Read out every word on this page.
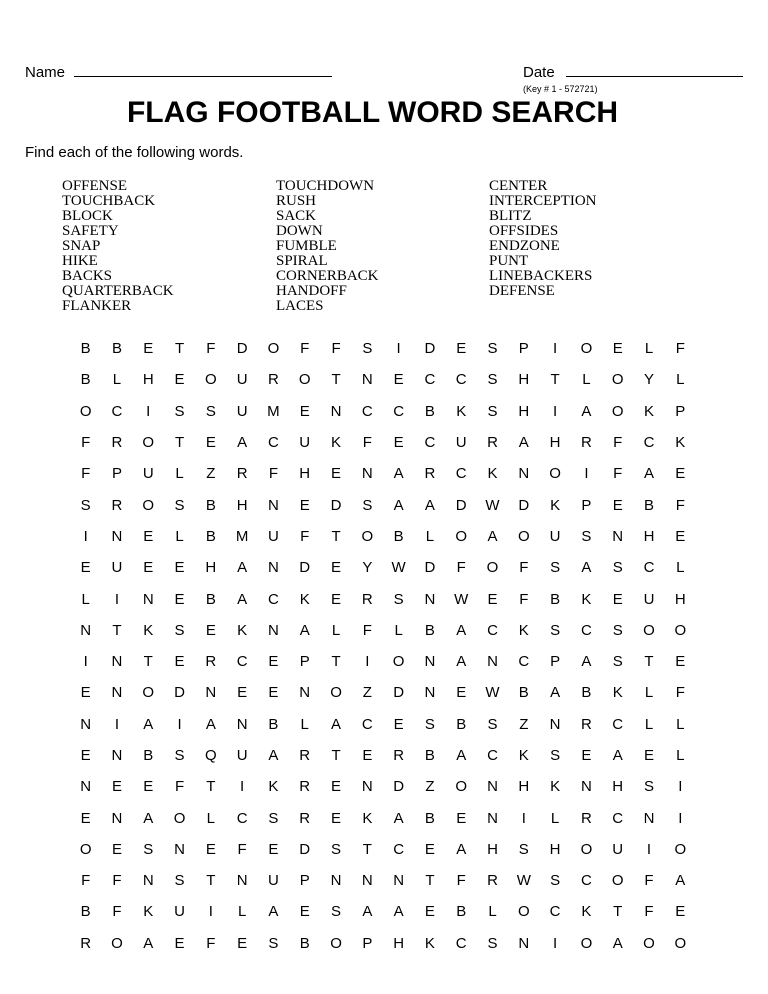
Name	Date
(Key # 1 - 572721)
FLAG FOOTBALL WORD SEARCH
Find each of the following words.
OFFENSE
TOUCHBACK
BLOCK
SAFETY
SNAP
HIKE
BACKS
QUARTERBACK
FLANKER
TOUCHDOWN
RUSH
SACK
DOWN
FUMBLE
SPIRAL
CORNERBACK
HANDOFF
LACES
CENTER
INTERCEPTION
BLITZ
OFFSIDES
ENDZONE
PUNT
LINEBACKERS
DEFENSE
B	B	E	T	F	D	O	F	F	S	I	D	E	S	P	I	O	E	L	F
B	L	H	E	O	U	R	O	T	N	E	C	C	S	H	T	L	O	Y	L
O	C	I	S	S	U	M	E	N	C	C	B	K	S	H	I	A	O	K	P
F	R	O	T	E	A	C	U	K	F	E	C	U	R	A	H	R	F	C	K
F	P	U	L	Z	R	F	H	E	N	A	R	C	K	N	O	I	F	A	E
S	R	O	S	B	H	N	E	D	S	A	A	D	W	D	K	P	E	B	F
I	N	E	L	B	M	U	F	T	O	B	L	O	A	O	U	S	N	H	E
E	U	E	E	H	A	N	D	E	Y	W	D	F	O	F	S	A	S	C	L
L	I	N	E	B	A	C	K	E	R	S	N	W	E	F	B	K	E	U	H
N	T	K	S	E	K	N	A	L	F	L	B	A	C	K	S	C	S	O	O
I	N	T	E	R	C	E	P	T	I	O	N	A	N	C	P	A	S	T	E
E	N	O	D	N	E	E	N	O	Z	D	N	E	W	B	A	B	K	L	F
N	I	A	I	A	N	B	L	A	C	E	S	B	S	Z	N	R	C	L	L
E	N	B	S	Q	U	A	R	T	E	R	B	A	C	K	S	E	A	E	L
N	E	E	F	T	I	K	R	E	N	D	Z	O	N	H	K	N	H	S	I
E	N	A	O	L	C	S	R	E	K	A	B	E	N	I	L	R	C	N	I
O	E	S	N	E	F	E	D	S	T	C	E	A	H	S	H	O	U	I	O
F	F	N	S	T	N	U	P	N	N	N	T	F	R	W	S	C	O	F	A
B	F	K	U	I	L	A	E	S	A	A	E	B	L	O	C	K	T	F	E
R	O	A	E	F	E	S	B	O	P	H	K	C	S	N	I	O	A	O	O
